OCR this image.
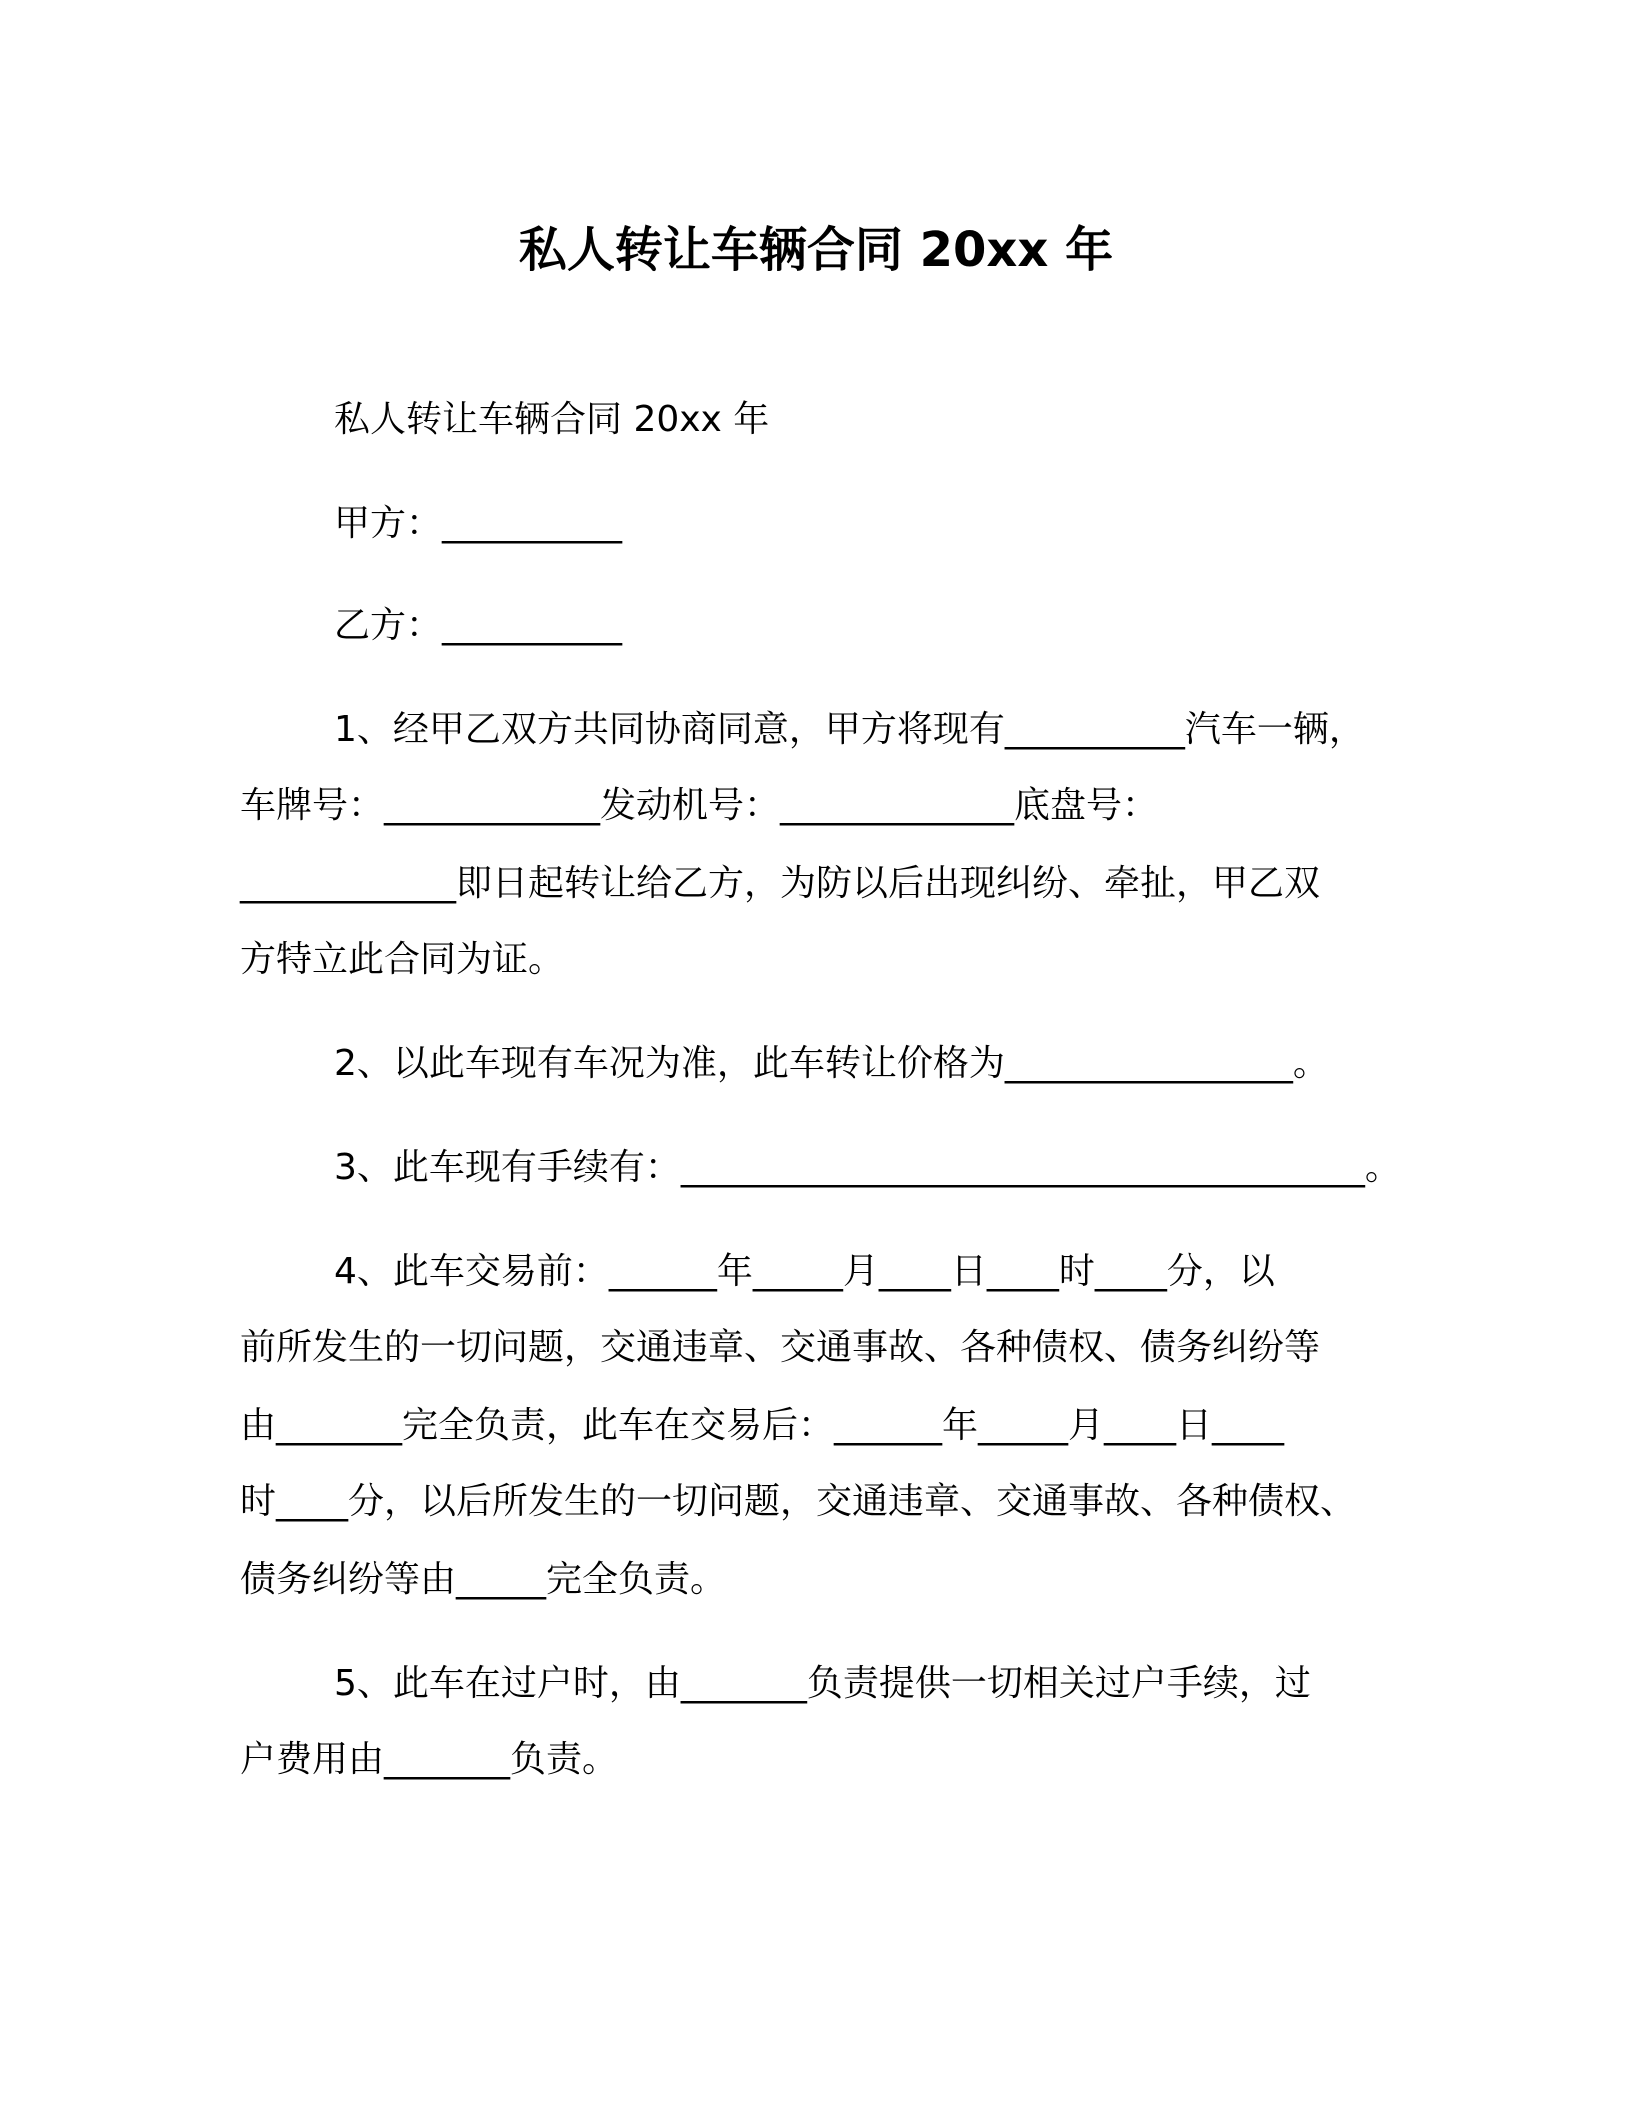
私人转让车辆合同 20xx 年
私人转让车辆合同 20xx 年
甲方：__________
乙方：__________
1、经甲乙双方共同协商同意，甲方将现有__________汽车一辆，
车牌号：____________发动机号：_____________底盘号：
____________即日起转让给乙方，为防以后出现纠纷、牵扯，甲乙双
方特立此合同为证。
2、以此车现有车况为准，此车转让价格为________________。
3、此车现有手续有：______________________________________。
4、此车交易前：______年_____月____日____时____分，以
前所发生的一切问题，交通违章、交通事故、各种债权、债务纠纷等
由_______完全负责，此车在交易后：______年_____月____日____
时____分，以后所发生的一切问题，交通违章、交通事故、各种债权、
债务纠纷等由_____完全负责。
5、此车在过户时，由_______负责提供一切相关过户手续，过
户费用由_______负责。
